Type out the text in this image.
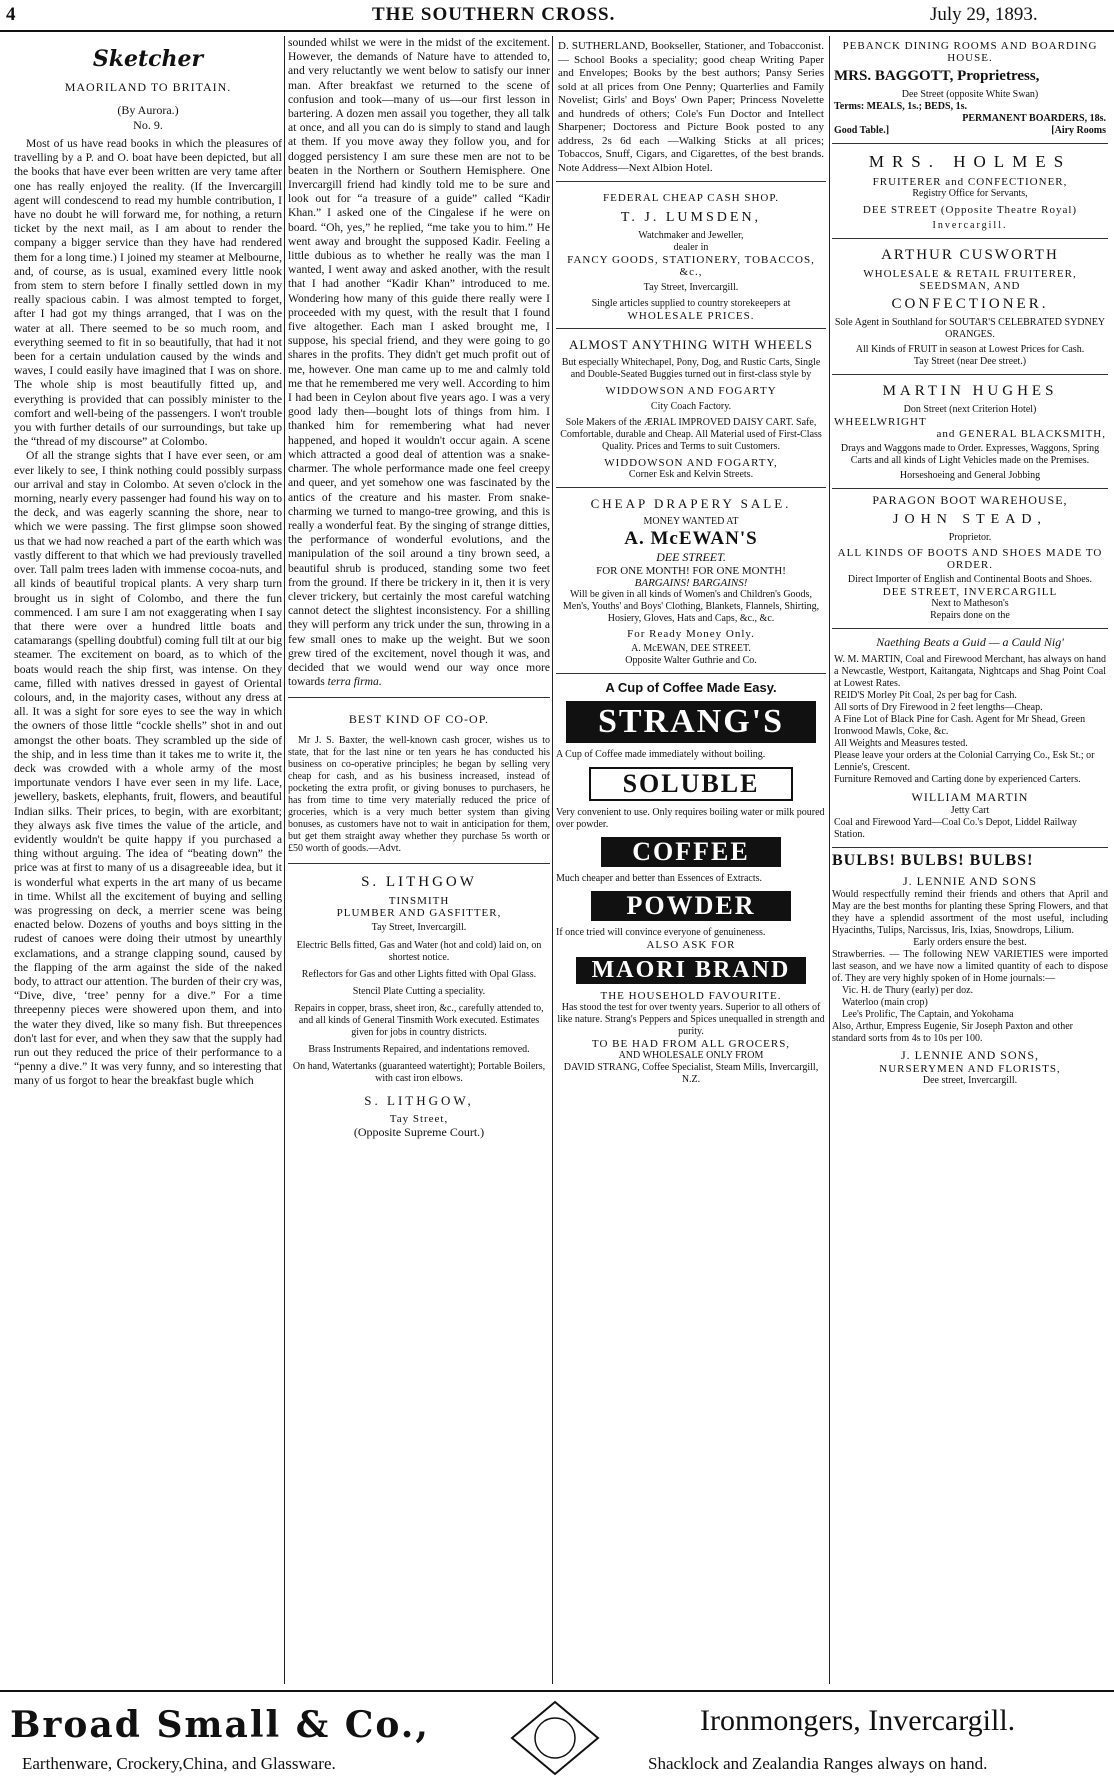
4	THE SOUTHERN CROSS.	July 29, 1893.
Sketcher
MAORILAND TO BRITAIN.
(By Aurora.)
No. 9.

Most of us have read books in which the pleasures of travelling by a P. and O. boat have been depicted, but all the books that have ever been written are very tame after one has really enjoyed the reality. (If the Invercargill agent will condescend to read my humble contribution, I have no doubt he will forward me, for nothing, a return ticket by the next mail, as I am about to render the company a bigger service than they have had rendered them for a long time.) I joined my steamer at Melbourne, and, of course, as is usual, examined every little nook from stem to stern before I finally settled down in my really spacious cabin. I was almost tempted to forget, after I had got my things arranged, that I was on the water at all. There seemed to be so much room, and everything seemed to fit in so beautifully, that had it not been for a certain undulation caused by the winds and waves, I could easily have imagined that I was on shore. The whole ship is most beautifully fitted up, and everything is provided that can possibly minister to the comfort and well-being of the passengers. I won't trouble you with further details of our surroundings, but take up the “thread of my discourse” at Colombo.

Of all the strange sights that I have ever seen, or am ever likely to see, I think nothing could possibly surpass our arrival and stay in Colombo. At seven o'clock in the morning, nearly every passenger had found his way on to the deck, and was eagerly scanning the shore, near to which we were passing. The first glimpse soon showed us that we had now reached a part of the earth which was vastly different to that which we had previously travelled over. Tall palm trees laden with immense cocoa-nuts, and all kinds of beautiful tropical plants. A very sharp turn brought us in sight of Colombo, and there the fun commenced. I am sure I am not exaggerating when I say that there were over a hundred little boats and catamarangs (spelling doubtful) coming full tilt at our big steamer. The excitement on board, as to which of the boats would reach the ship first, was intense. On they came, filled with natives dressed in gayest of Oriental colours, and, in the majority cases, without any dress at all. It was a sight for sore eyes to see the way in which the owners of those little “cockle shells” shot in and out amongst the other boats. They scrambled up the side of the ship, and in less time than it takes me to write it, the deck was crowded with a whole army of the most importunate vendors I have ever seen in my life. Lace, jewellery, baskets, elephants, fruit, flowers, and beautiful Indian silks. Their prices, to begin, with are exorbitant; they always ask five times the value of the article, and evidently wouldn't be quite happy if you purchased a thing without arguing. The idea of “beating down” the price was at first to many of us a disagreeable idea, but it is wonderful what experts in the art many of us became in time. Whilst all the excitement of buying and selling was progressing on deck, a merrier scene was being enacted below. Dozens of youths and boys sitting in the rudest of canoes were doing their utmost by unearthly exclamations, and a strange clapping sound, caused by the flapping of the arm against the side of the naked body, to attract our attention. The burden of their cry was, “Dive, dive, ‘tree’ penny for a dive.” For a time threepenny pieces were showered upon them, and into the water they dived, like so many fish. But threepences don't last for ever, and when they saw that the supply had run out they reduced the price of their performance to a “penny a dive.” It was very funny, and so interesting that many of us forgot to hear the breakfast bugle which

sounded whilst we were in the midst of the excitement. However, the demands of Nature have to attended to, and very reluctantly we went below to satisfy our inner man. After breakfast we returned to the scene of confusion and took—many of us—our first lesson in bartering. A dozen men assail you together, they all talk at once, and all you can do is simply to stand and laugh at them. If you move away they follow you, and for dogged persistency I am sure these men are not to be beaten in the Northern or Southern Hemisphere. One Invercargill friend had kindly told me to be sure and look out for “a treasure of a guide” called “Kadir Khan.” I asked one of the Cingalese if he were on board. “Oh, yes,” he replied, “me take you to him.” He went away and brought the supposed Kadir. Feeling a little dubious as to whether he really was the man I wanted, I went away and asked another, with the result that I had another “Kadir Khan” introduced to me. Wondering how many of this guide there really were I proceeded with my quest, with the result that I found five altogether. Each man I asked brought me, I suppose, his special friend, and they were going to go shares in the profits. They didn't get much profit out of me, however. One man came up to me and calmly told me that he remembered me very well. According to him I had been in Ceylon about five years ago. I was a very good lady then—bought lots of things from him. I thanked him for remembering what had never happened, and hoped it wouldn't occur again. A scene which attracted a good deal of attention was a snake-charmer. The whole performance made one feel creepy and queer, and yet somehow one was fascinated by the antics of the creature and his master. From snake-charming we turned to mango-tree growing, and this is really a wonderful feat. By the singing of strange ditties, the performance of wonderful evolutions, and the manipulation of the soil around a tiny brown seed, a beautiful shrub is produced, standing some two feet from the ground. If there be trickery in it, then it is very clever trickery, but certainly the most careful watching cannot detect the slightest inconsistency. For a shilling they will perform any trick under the sun, throwing in a few small ones to make up the weight. But we soon grew tired of the excitement, novel though it was, and decided that we would wend our way once more towards terra firma.

BEST KIND OF CO-OP.

Mr J. S. Baxter, the well-known cash grocer, wishes us to state, that for the last nine or ten years he has conducted his business on co-operative principles; he began by selling very cheap for cash, and as his business increased, instead of pocketing the extra profit, or giving bonuses to purchasers, he has from time to time very materially reduced the price of groceries, which is a very much better system than giving bonuses, as customers have not to wait in anticipation for them, but get them straight away whether they purchase 5s worth or £50 worth of goods.—Advt.

S. LITHGOW
TINSMITH
PLUMBER AND GASFITTER,
Tay Street, Invercargill.

Electric Bells fitted, Gas and Water (hot and cold) laid on, on shortest notice.

Reflectors for Gas and other Lights fitted with Opal Glass.

Stencil Plate Cutting a speciality.

Repairs in copper, brass, sheet iron, &c., carefully attended to, and all kinds of General Tinsmith Work executed. Estimates given for jobs in country districts.

Brass Instruments Repaired, and indentations removed.

On hand, Watertanks (guaranteed watertight); Portable Boilers, with cast iron elbows.

S. LITHGOW,
Tay Street,
(Opposite Supreme Court.)

D. SUTHERLAND, Bookseller, Stationer, and Tobacconist. — School Books a speciality; good cheap Writing Paper and Envelopes; Books by the best authors; Pansy Series sold at all prices from One Penny; Quarterlies and Family Novelist; Girls' and Boys' Own Paper; Princess Novelette and hundreds of others; Cole's Fun Doctor and Intellect Sharpener; Doctoress and Picture Book posted to any address, 2s 6d each —Walking Sticks at all prices; Tobaccos, Snuff, Cigars, and Cigarettes, of the best brands. Note Address—Next Albion Hotel.

FEDERAL CHEAP CASH SHOP.
T. J. LUMSDEN,
Watchmaker and Jeweller,
dealer in
FANCY GOODS, STATIONERY, TOBACCOS, &c.,
Tay Street, Invercargill.
Single articles supplied to country storekeepers at
WHOLESALE PRICES.
ALMOST ANYTHING WITH WHEELS

But especially Whitechapel, Pony, Dog, and Rustic Carts, Single and Double-Seated Buggies turned out in first-class style by

WIDDOWSON AND FOGARTY
City Coach Factory.

Sole Makers of the ÆRIAL IMPROVED DAISY CART. Safe, Comfortable, durable and Cheap. All Material used of First-Class Quality. Prices and Terms to suit Customers.

WIDDOWSON AND FOGARTY,
Corner Esk and Kelvin Streets.
CHEAP DRAPERY SALE.
MONEY WANTED AT
A. McEWAN'S
DEE STREET.
FOR ONE MONTH! FOR ONE MONTH!
BARGAINS! BARGAINS!

Will be given in all kinds of Women's and Children's Goods, Men's, Youths' and Boys' Clothing, Blankets, Flannels, Shirting, Hosiery, Gloves, Hats and Caps, &c., &c.

For Ready Money Only.
A. McEWAN, DEE STREET.
Opposite Walter Guthrie and Co.
A Cup of Coffee Made Easy.
STRANG'S

A Cup of Coffee made immediately without boiling.

SOLUBLE

Very convenient to use. Only requires boiling water or milk poured over powder.

COFFEE

Much cheaper and better than Essences of Extracts.

POWDER

If once tried will convince everyone of genuineness.

ALSO ASK FOR
MAORI BRAND
THE HOUSEHOLD FAVOURITE.

Has stood the test for over twenty years. Superior to all others of like nature. Strang's Peppers and Spices unequalled in strength and purity.

TO BE HAD FROM ALL GROCERS,
AND WHOLESALE ONLY FROM
DAVID STRANG, Coffee Specialist, Steam Mills, Invercargill, N.Z.
PEBANCK DINING ROOMS AND BOARDING HOUSE.
MRS. BAGGOTT, Proprietress,
Dee Street (opposite White Swan)
Terms: MEALS, 1s.; BEDS, 1s.
PERMANENT BOARDERS, 18s.
Good Table.]	[Airy Rooms
MRS. HOLMES
FRUITERER and CONFECTIONER,
Registry Office for Servants,
DEE STREET (Opposite Theatre Royal)
Invercargill.
ARTHUR CUSWORTH
WHOLESALE & RETAIL FRUITERER,
SEEDSMAN, AND
CONFECTIONER.

Sole Agent in Southland for SOUTAR'S CELEBRATED SYDNEY ORANGES.

All Kinds of FRUIT in season at Lowest Prices for Cash.

Tay Street (near Dee street.)
MARTIN HUGHES
Don Street (next Criterion Hotel)
WHEELWRIGHT
and GENERAL BLACKSMITH,

Drays and Waggons made to Order. Expresses, Waggons, Spring Carts and all kinds of Light Vehicles made on the Premises.

Horseshoeing and General Jobbing
PARAGON BOOT WAREHOUSE,
JOHN STEAD,
Proprietor.
ALL KINDS OF BOOTS AND SHOES MADE TO ORDER.
Direct Importer of English and Continental Boots and Shoes.
DEE STREET, INVERCARGILL
Next to Matheson's
Repairs done on the
Naething Beats a Guid — a Cauld Nig'

W. M. MARTIN, Coal and Firewood Merchant, has always on hand a Newcastle, Westport, Kaitangata, Nightcaps and Shag Point Coal at Lowest Rates.

REID'S Morley Pit Coal, 2s per bag for Cash.

All sorts of Dry Firewood in 2 feet lengths—Cheap.

A Fine Lot of Black Pine for Cash. Agent for Mr Shead, Green Ironwood Mawls, Coke, &c.

All Weights and Measures tested.

Please leave your orders at the Colonial Carrying Co., Esk St.; or Lennie's, Crescent.

Furniture Removed and Carting done by experienced Carters.

WILLIAM MARTIN
Jetty Cart

Coal and Firewood Yard—Coal Co.'s Depot, Liddel Railway Station.

BULBS! BULBS! BULBS!
J. LENNIE AND SONS

Would respectfully remind their friends and others that April and May are the best months for planting these Spring Flowers, and that they have a splendid assortment of the most useful, including Hyacinths, Tulips, Narcissus, Iris, Ixias, Snowdrops, Lilium.

Early orders ensure the best.

Strawberries. — The following NEW VARIETIES were imported last season, and we have now a limited quantity of each to dispose of. They are very highly spoken of in Home journals:—

Vic. H. de Thury (early) per doz.

Waterloo (main crop)

Lee's Prolific, The Captain, and Yokohama

Also, Arthur, Empress Eugenie, Sir Joseph Paxton and other standard sorts from 4s to 10s per 100.

J. LENNIE AND SONS,
NURSERYMEN AND FLORISTS,
Dee street, Invercargill.
Broad Small & Co.,
Earthenware, Crockery,China, and Glassware.
Ironmongers, Invercargill.
Shacklock and Zealandia Ranges always on hand.
